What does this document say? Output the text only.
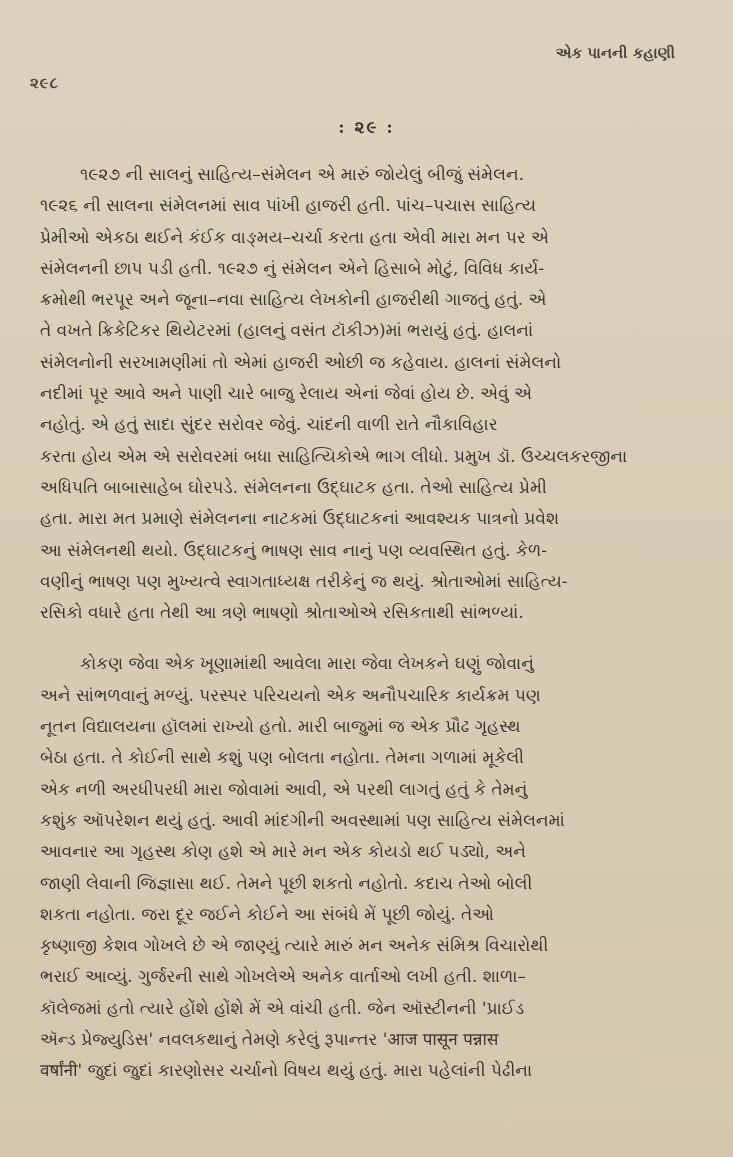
એક પાનની કહાણી
૨૯૮
: ૨૯ :
૧૯૨૭ ની સાલનું સાહિત્ય–સંમેલન એ મારું જોયેલું બીજું સંમેલન.
૧૯૨૬ ની સાલના સંમેલનમાં સાવ પાંખી હાજરી હતી. પાંચ–પચાસ સાહિત્ય
પ્રેમીઓ એકઠા થઈને કંઈક વાઙ્મય–ચર્ચા કરતા હતા એવી મારા મન પર એ
સંમેલનની છાપ પડી હતી. ૧૯૨૭ નું સંમેલન એને હિસાબે મોટું, વિવિધ કાર્ય-
ક્રમોથી ભરપૂર અને જૂના–નવા સાહિત્ય લેખકોની હાજરીથી ગાજતું હતું. એ
તે વખતે ક્રિકેટિકર થિયેટરમાં (હાલનું વસંત ટૉકીઝ)માં ભરાયું હતું. હાલનાં
સંમેલનોની સરખામણીમાં તો એમાં હાજરી ઓછી જ કહેવાય. હાલનાં સંમેલનો
નદીમાં પૂર આવે અને પાણી ચારે બાજુ રેલાય એનાં જેવાં હોય છે. એવું એ
નહોતું. એ હતું સાદા સુંદર સરોવર જેવું. ચાંદની વાળી રાતે નૌકાવિહાર
કરતા હોય એમ એ સરોવરમાં બધા સાહિત્યિકોએ ભાગ લીધો. પ્રમુખ ડૉ. ઉચ્ચલકરજીના
અધિપતિ બાબાસાહેબ ઘોરપડે. સંમેલનના ઉદ્‌ઘાટક હતા. તેઓ સાહિત્ય પ્રેમી
હતા. મારા મત પ્રમાણે સંમેલનના નાટકમાં ઉદ્‌ઘાટકનાં આવશ્યક પાત્રનો પ્રવેશ
આ સંમેલનથી થયો. ઉદ્‌ઘાટકનું ભાષણ સાવ નાનું પણ વ્યવસ્થિત હતું. કેળ-
વણીનું ભાષણ પણ મુખ્યત્વે સ્વાગતાધ્યક્ષ તરીકેનું જ થયું. શ્રોતાઓમાં સાહિત્ય-
રસિકો વધારે હતા તેથી આ ત્રણે ભાષણો શ્રોતાઓએ રસિકતાથી સાંભળ્યાં.
કોકણ જેવા એક ખૂણામાંથી આવેલા મારા જેવા લેખકને ઘણું જોવાનું
અને સાંભળવાનું મળ્યું. પરસ્પર પરિચયનો એક અનૌપચારિક કાર્યક્રમ પણ
નૂતન વિદ્યાલયના હૉલમાં રાખ્યો હતો. મારી બાજુમાં જ એક પ્રૌઢ ગૃહસ્થ
બેઠા હતા. તે કોઈની સાથે કશું પણ બોલતા નહોતા. તેમના ગળામાં મૂકેલી
એક નળી અરધીપરધી મારા જોવામાં આવી, એ પરથી લાગતું હતું કે તેમનું
કશુંક ઑપરેશન થયું હતું. આવી માંદગીની અવસ્થામાં પણ સાહિત્ય સંમેલનમાં
આવનાર આ ગૃહસ્થ કોણ હશે એ મારે મન એક કોયડો થઈ પડ્યો, અને
જાણી લેવાની જિજ્ઞાસા થઈ. તેમને પૂછી શકતો નહોતો. કદાચ તેઓ બોલી
શકતા નહોતા. જરા દૂર જઈને કોઈને આ સંબંધે મેં પૂછી જોયું. તેઓ
કૃષ્ણાજી કેશવ ગોખલે છે એ જાણ્યું ત્યારે મારું મન અનેક સંમિશ્ર વિચારોથી
ભરાઈ આવ્યું. ગુર્જરની સાથે ગોખલેએ અનેક વાર્તાઓ લખી હતી. શાળા–
કૉલેજમાં હતો ત્યારે હોંશે હોંશે મેં એ વાંચી હતી. જેન ઑસ્ટીનની 'પ્રાઈડ
ઍન્ડ પ્રેજ્યુડિસ' નવલકથાનું તેમણે કરેલું રૂપાન્તર 'आज पासून पन्नास
वर्षांनी' જુદાં જુદાં કારણોસર ચર્ચાનો વિષય થયું હતું. મારા પહેલાંની પેઢીના
